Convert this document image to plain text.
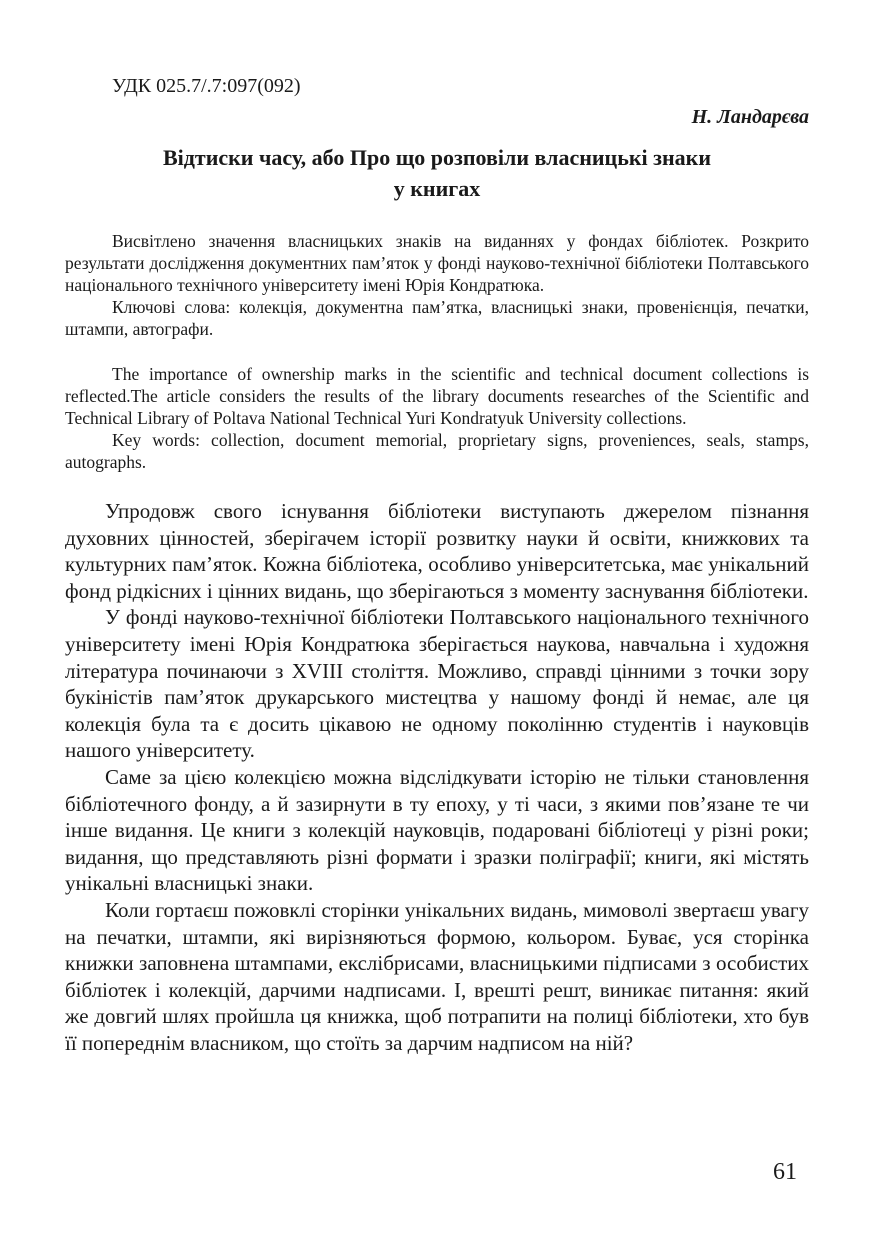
УДК 025.7/.7:097(092)
Н. Ландарєва
Відтиски часу, або Про що розповіли власницькі знаки
у книгах

Висвітлено значення власницьких знаків на виданнях у фондах бібліотек. Розкрито результати дослідження документних пам’яток у фонді науково-технічної бібліотеки Полтавського національного технічного університету імені Юрія Кондратюка.

Ключові слова: колекція, документна пам’ятка, власницькі знаки, провенієнція, печатки, штампи, автографи.

The importance of ownership marks in the scientific and technical document collections is reflected.The article considers the results of the library documents researches of the Scientific and Technical Library of Poltava National Technical Yuri Kondratyuk University collections.

Key words: collection, document memorial, proprietary signs, proveniences, seals, stamps, autographs.

Упродовж свого існування бібліотеки виступають джерелом пізнання духовних цінностей, зберігачем історії розвитку науки й освіти, книжкових та культурних пам’яток. Кожна бібліотека, особливо університетська, має унікальний фонд рідкісних і цінних видань, що зберігаються з моменту заснування бібліотеки.

У фонді науково-технічної бібліотеки Полтавського національного технічного університету імені Юрія Кондратюка зберігається наукова, навчальна і художня література починаючи з XVIII століття. Можливо, справді цінними з точки зору букіністів пам’яток друкарського мистецтва у нашому фонді й немає, але ця колекція була та є досить цікавою не одному поколінню студентів і науковців нашого університету.

Саме за цією колекцією можна відслідкувати історію не тільки становлення бібліотечного фонду, а й зазирнути в ту епоху, у ті часи, з якими пов’язане те чи інше видання. Це книги з колекцій науковців, подаровані бібліотеці у різні роки; видання, що представляють різні формати і зразки поліграфії; книги, які містять унікальні власницькі знаки.

Коли гортаєш пожовклі сторінки унікальних видань, мимоволі звертаєш увагу на печатки, штампи, які вирізняються формою, кольором. Буває, уся сторінка книжки заповнена штампами, екслібрисами, власницькими підписами з особистих бібліотек і колекцій, дарчими надписами. І, врешті решт, виникає питання: який же довгий шлях пройшла ця книжка, щоб потрапити на полиці бібліотеки, хто був її попереднім власником, що стоїть за дарчим надписом на ній?

61
